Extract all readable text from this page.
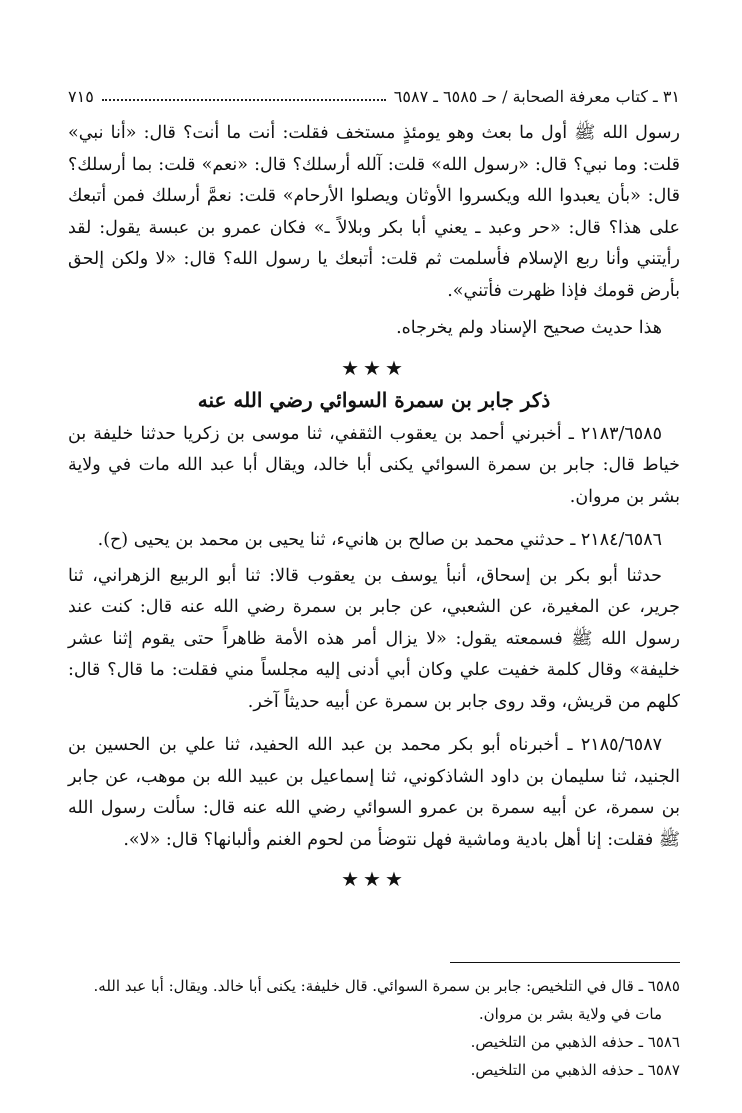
٣١ ـ كتاب معرفة الصحابة / حـ ٦٥٨٥ ـ ٦٥٨٧
٧١٥

رسول الله ﷺ أول ما بعث وهو يومئذٍ مستخف فقلت: أنت ما أنت؟ قال: «أنا نبي» قلت: وما نبي؟ قال: «رسول الله» قلت: آلله أرسلك؟ قال: «نعم» قلت: بما أرسلك؟ قال: «بأن يعبدوا الله ويكسروا الأوثان ويصلوا الأرحام» قلت: نعمَّ أرسلك فمن أتبعك على هذا؟ قال: «حر وعبد ـ يعني أبا بكر وبلالاً ـ» فكان عمرو بن عبسة يقول: لقد رأيتني وأنا ربع الإسلام فأسلمت ثم قلت: أتبعك يا رسول الله؟ قال: «لا ولكن إلحق بأرض قومك فإذا ظهرت فأتني».

هذا حديث صحيح الإسناد ولم يخرجاه.

★★★
ذكر جابر بن سمرة السوائي رضي الله عنه

٢١٨٣/٦٥٨٥ ـ أخبرني أحمد بن يعقوب الثقفي، ثنا موسى بن زكريا حدثنا خليفة بن خياط قال: جابر بن سمرة السوائي يكنى أبا خالد، ويقال أبا عبد الله مات في ولاية بشر بن مروان.

٢١٨٤/٦٥٨٦ ـ حدثني محمد بن صالح بن هانيء، ثنا يحيى بن محمد بن يحيى (ح).

حدثنا أبو بكر بن إسحاق، أنبأ يوسف بن يعقوب قالا: ثنا أبو الربيع الزهراني، ثنا جرير، عن المغيرة، عن الشعبي، عن جابر بن سمرة رضي الله عنه قال: كنت عند رسول الله ﷺ فسمعته يقول: «لا يزال أمر هذه الأمة ظاهراً حتى يقوم إثنا عشر خليفة» وقال كلمة خفيت علي وكان أبي أدنى إليه مجلساً مني فقلت: ما قال؟ قال: كلهم من قريش، وقد روى جابر بن سمرة عن أبيه حديثاً آخر.

٢١٨٥/٦٥٨٧ ـ أخبرناه أبو بكر محمد بن عبد الله الحفيد، ثنا علي بن الحسين بن الجنيد، ثنا سليمان بن داود الشاذكوني، ثنا إسماعيل بن عبيد الله بن موهب، عن جابر بن سمرة، عن أبيه سمرة بن عمرو السوائي رضي الله عنه قال: سألت رسول الله ﷺ فقلت: إنا أهل بادية وماشية فهل نتوضأ من لحوم الغنم وألبانها؟ قال: «لا».

★★★

٦٥٨٥ ـ قال في التلخيص: جابر بن سمرة السوائي. قال خليفة: يكنى أبا خالد. ويقال: أبا عبد الله.

مات في ولاية بشر بن مروان.

٦٥٨٦ ـ حذفه الذهبي من التلخيص.

٦٥٨٧ ـ حذفه الذهبي من التلخيص.
